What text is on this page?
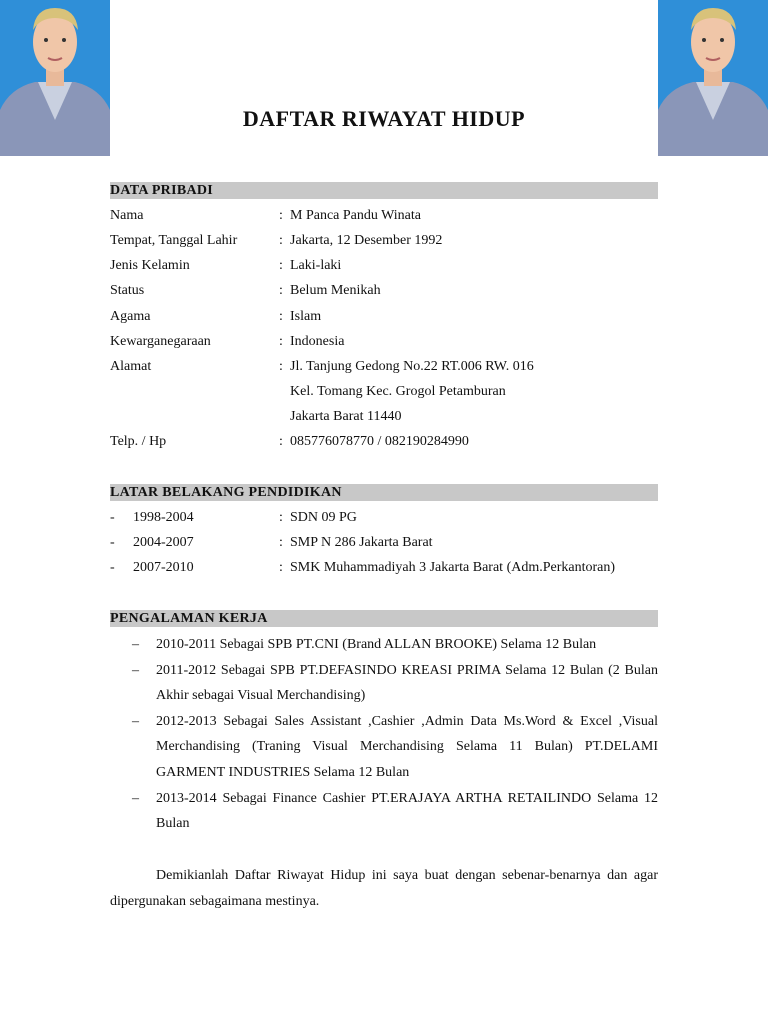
DAFTAR RIWAYAT HIDUP
DATA PRIBADI
Nama	: M Panca Pandu Winata
Tempat, Tanggal Lahir	: Jakarta, 12 Desember 1992
Jenis Kelamin	: Laki-laki
Status	: Belum Menikah
Agama	: Islam
Kewarganegaraan	: Indonesia
Alamat	: Jl. Tanjung Gedong No.22 RT.006 RW. 016
Kel. Tomang Kec. Grogol Petamburan
Jakarta Barat 11440
Telp. / Hp	: 085776078770 / 082190284990
LATAR BELAKANG PENDIDIKAN
- 1998-2004	: SDN 09 PG
- 2004-2007	: SMP N 286 Jakarta Barat
- 2007-2010	: SMK Muhammadiyah 3 Jakarta Barat (Adm.Perkantoran)
PENGALAMAN KERJA
– 2010-2011 Sebagai SPB PT.CNI (Brand ALLAN BROOKE) Selama 12 Bulan
– 2011-2012 Sebagai SPB PT.DEFASINDO KREASI PRIMA Selama 12 Bulan (2 Bulan Akhir sebagai Visual Merchandising)
– 2012-2013 Sebagai Sales Assistant ,Cashier ,Admin Data Ms.Word & Excel ,Visual Merchandising (Traning Visual Merchandising Selama 11 Bulan) PT.DELAMI GARMENT INDUSTRIES Selama 12 Bulan
– 2013-2014 Sebagai Finance Cashier PT.ERAJAYA ARTHA RETAILINDO Selama 12 Bulan
Demikianlah Daftar Riwayat Hidup ini saya buat dengan sebenar-benarnya dan agar dipergunakan sebagaimana mestinya.
